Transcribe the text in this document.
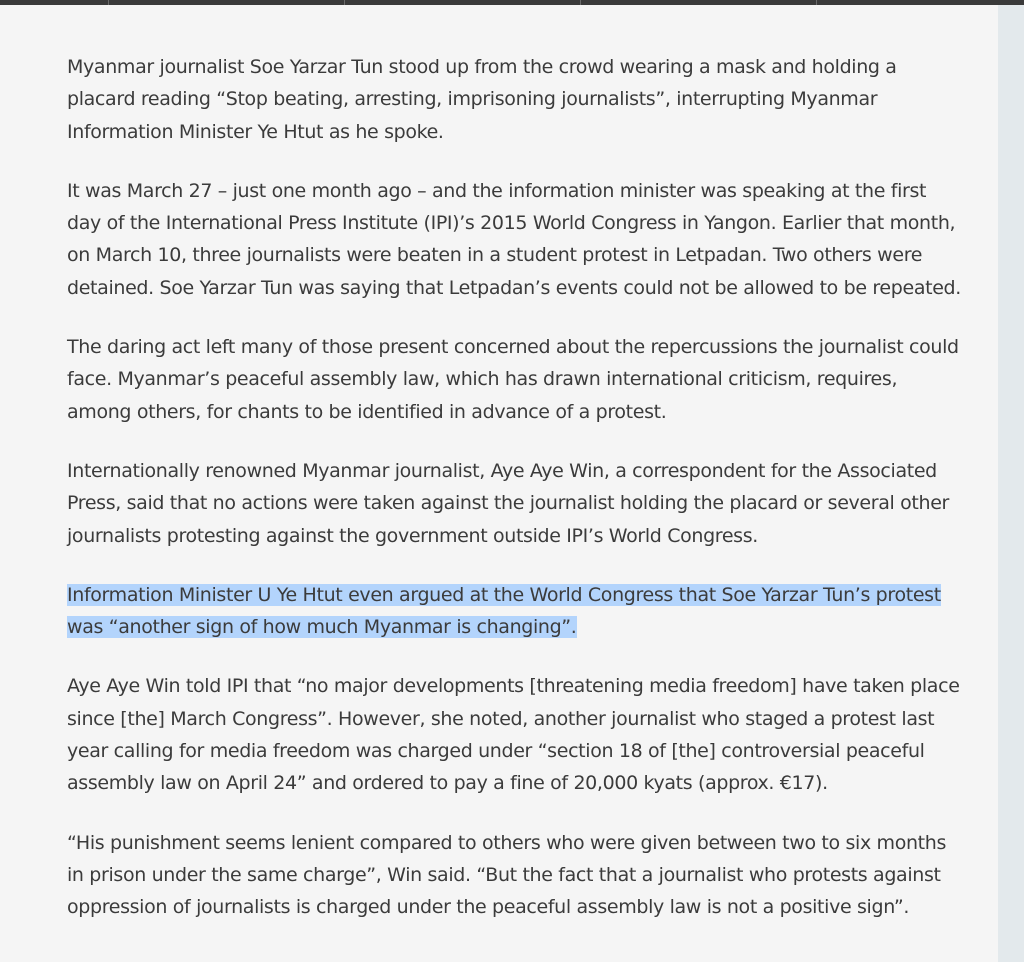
Myanmar journalist Soe Yarzar Tun stood up from the crowd wearing a mask and holding a placard reading “Stop beating, arresting, imprisoning journalists”, interrupting Myanmar Information Minister Ye Htut as he spoke.

It was March 27 – just one month ago – and the information minister was speaking at the first day of the International Press Institute (IPI)’s 2015 World Congress in Yangon. Earlier that month, on March 10, three journalists were beaten in a student protest in Letpadan. Two others were detained. Soe Yarzar Tun was saying that Letpadan’s events could not be allowed to be repeated.

The daring act left many of those present concerned about the repercussions the journalist could face. Myanmar’s peaceful assembly law, which has drawn international criticism, requires, among others, for chants to be identified in advance of a protest.

Internationally renowned Myanmar journalist, Aye Aye Win, a correspondent for the Associated Press, said that no actions were taken against the journalist holding the placard or several other journalists protesting against the government outside IPI’s World Congress.

Information Minister U Ye Htut even argued at the World Congress that Soe Yarzar Tun’s protest was “another sign of how much Myanmar is changing”.

Aye Aye Win told IPI that “no major developments [threatening media freedom] have taken place since [the] March Congress”. However, she noted, another journalist who staged a protest last year calling for media freedom was charged under “section 18 of [the] controversial peaceful assembly law on April 24” and ordered to pay a fine of 20,000 kyats (approx. €17).

“His punishment seems lenient compared to others who were given between two to six months in prison under the same charge”, Win said. “But the fact that a journalist who protests against oppression of journalists is charged under the peaceful assembly law is not a positive sign”.
